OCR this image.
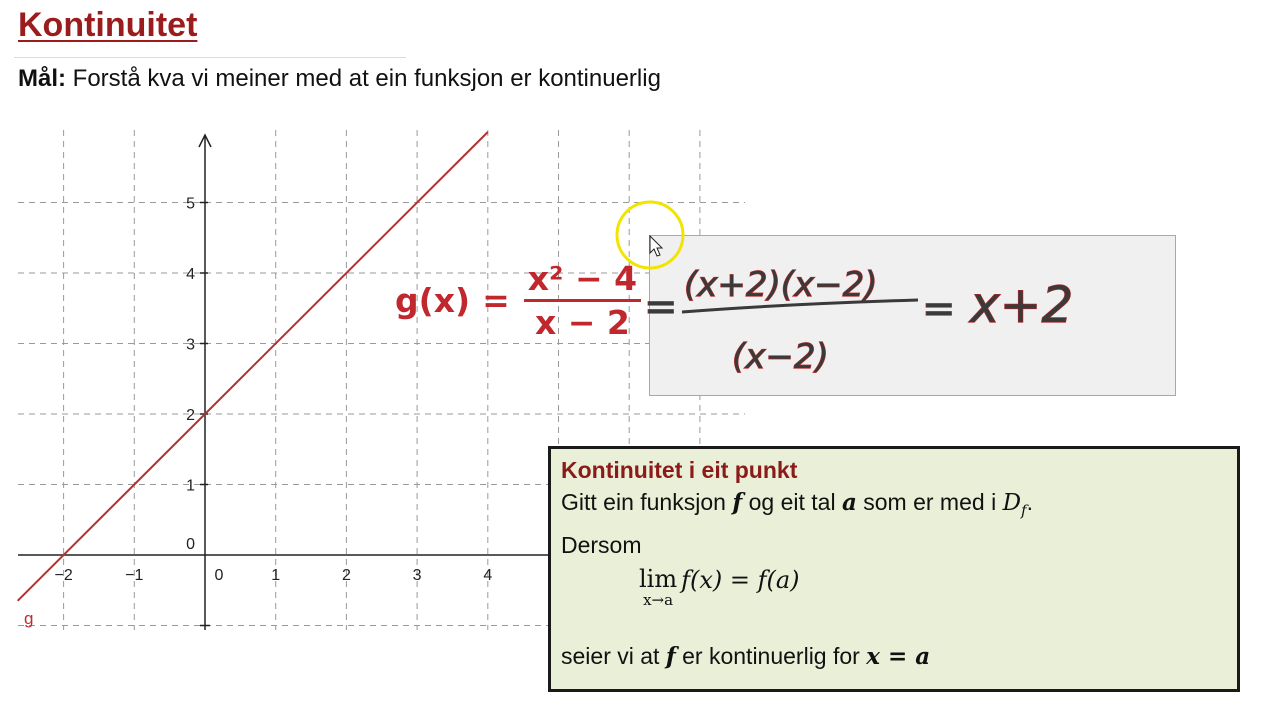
Kontinuitet
Mål: Forstå kva vi meiner med at ein funksjon er kontinuerlig
−2	−1	0	1	2	3	4
0
1
2
3
4
5
g
$g(x) = \frac{\text{x² − 4}}{x - 2} = (x+2)(x-2)$
(x−2)
= x+2
Kontinuitet i eit punkt
Gitt ein funksjon f og eit tal a som er med i $D_f$.
Dersom
lim
x→a
f(x) = f(a)
seier vi at f er kontinuerlig for x = a
